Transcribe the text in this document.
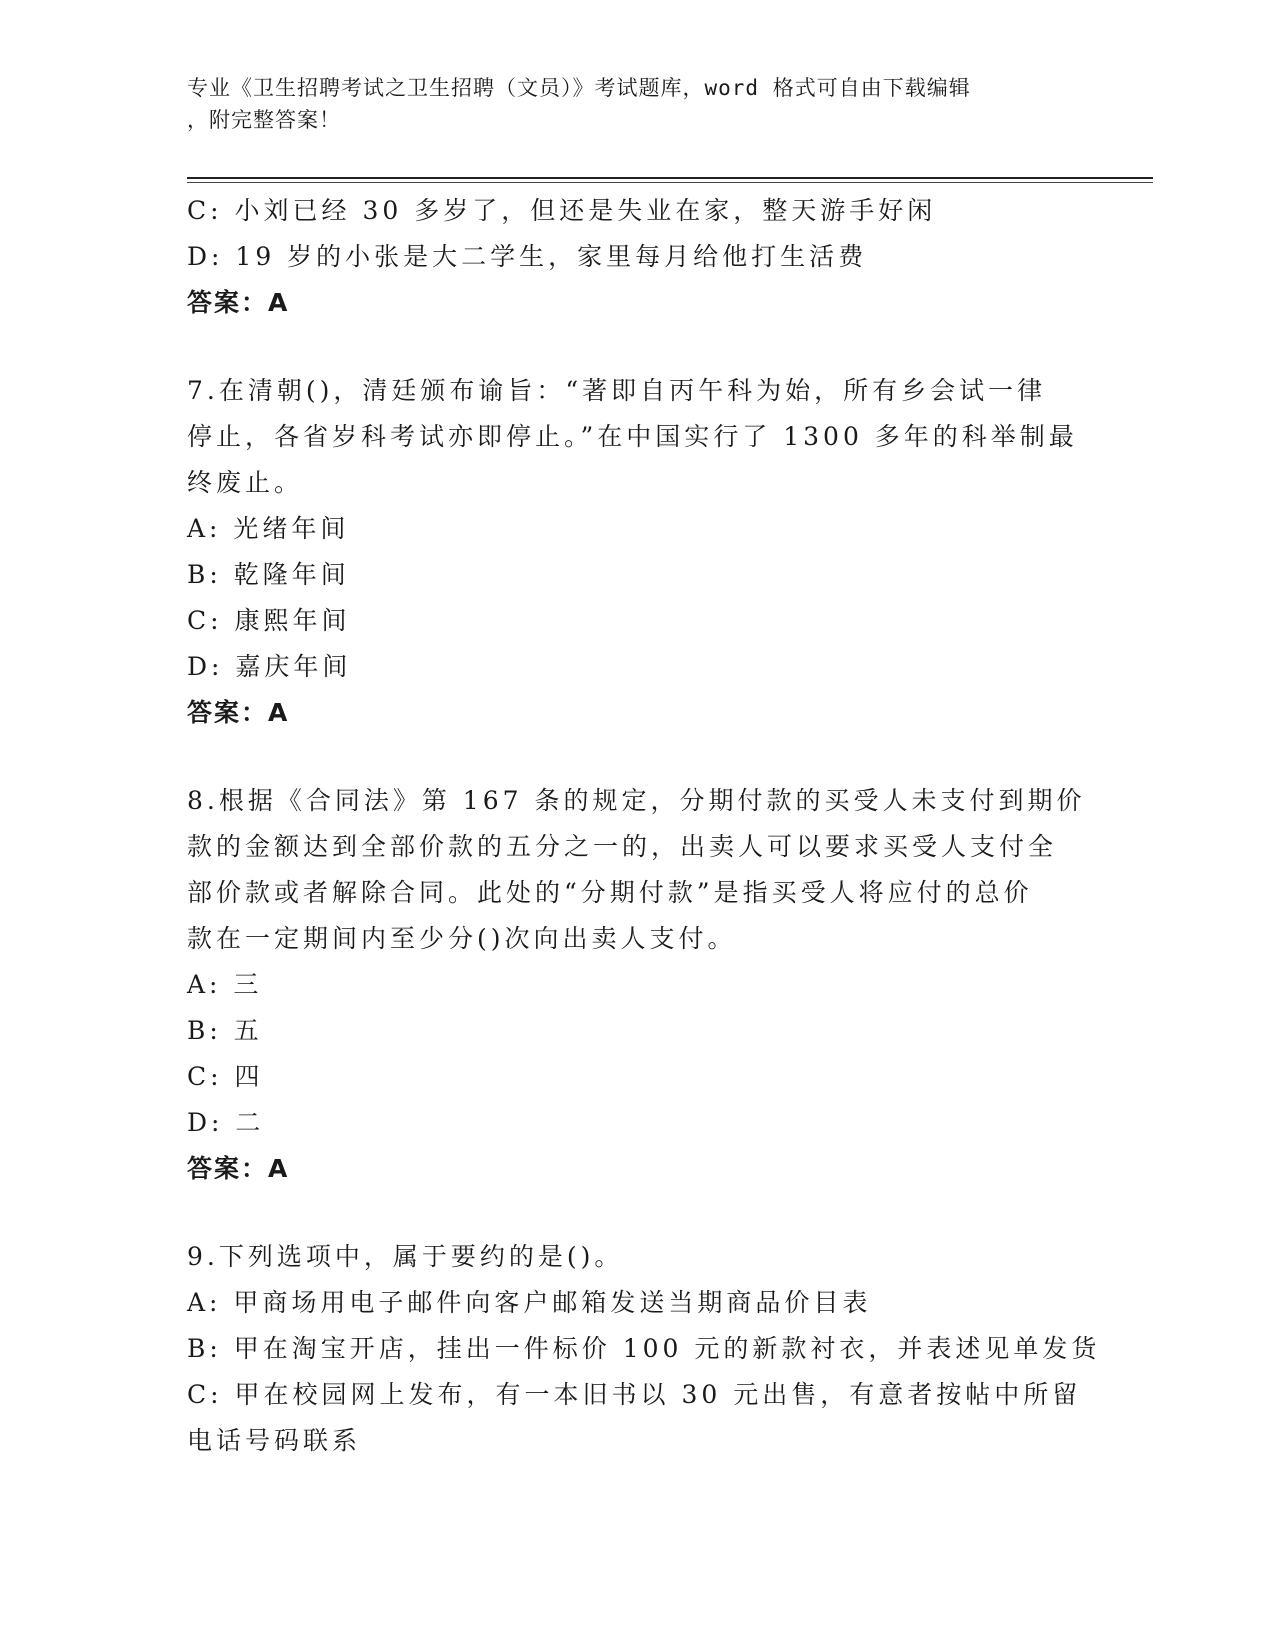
专业《卫生招聘考试之卫生招聘（文员）》考试题库，word 格式可自由下载编辑
，附完整答案！
C: 小刘已经 30 多岁了，但还是失业在家，整天游手好闲
D: 19 岁的小张是大二学生，家里每月给他打生活费
答案：A
7.在清朝()，清廷颁布谕旨：“著即自丙午科为始，所有乡会试一律
停止，各省岁科考试亦即停止。”在中国实行了 1300 多年的科举制最
终废止。
A: 光绪年间
B: 乾隆年间
C: 康熙年间
D: 嘉庆年间
答案：A
8.根据《合同法》第 167 条的规定，分期付款的买受人未支付到期价
款的金额达到全部价款的五分之一的，出卖人可以要求买受人支付全
部价款或者解除合同。此处的“分期付款”是指买受人将应付的总价
款在一定期间内至少分()次向出卖人支付。
A: 三
B: 五
C: 四
D: 二
答案：A
9.下列选项中，属于要约的是()。
A: 甲商场用电子邮件向客户邮箱发送当期商品价目表
B: 甲在淘宝开店，挂出一件标价 100 元的新款衬衣，并表述见单发货
C: 甲在校园网上发布，有一本旧书以 30 元出售，有意者按帖中所留
电话号码联系
